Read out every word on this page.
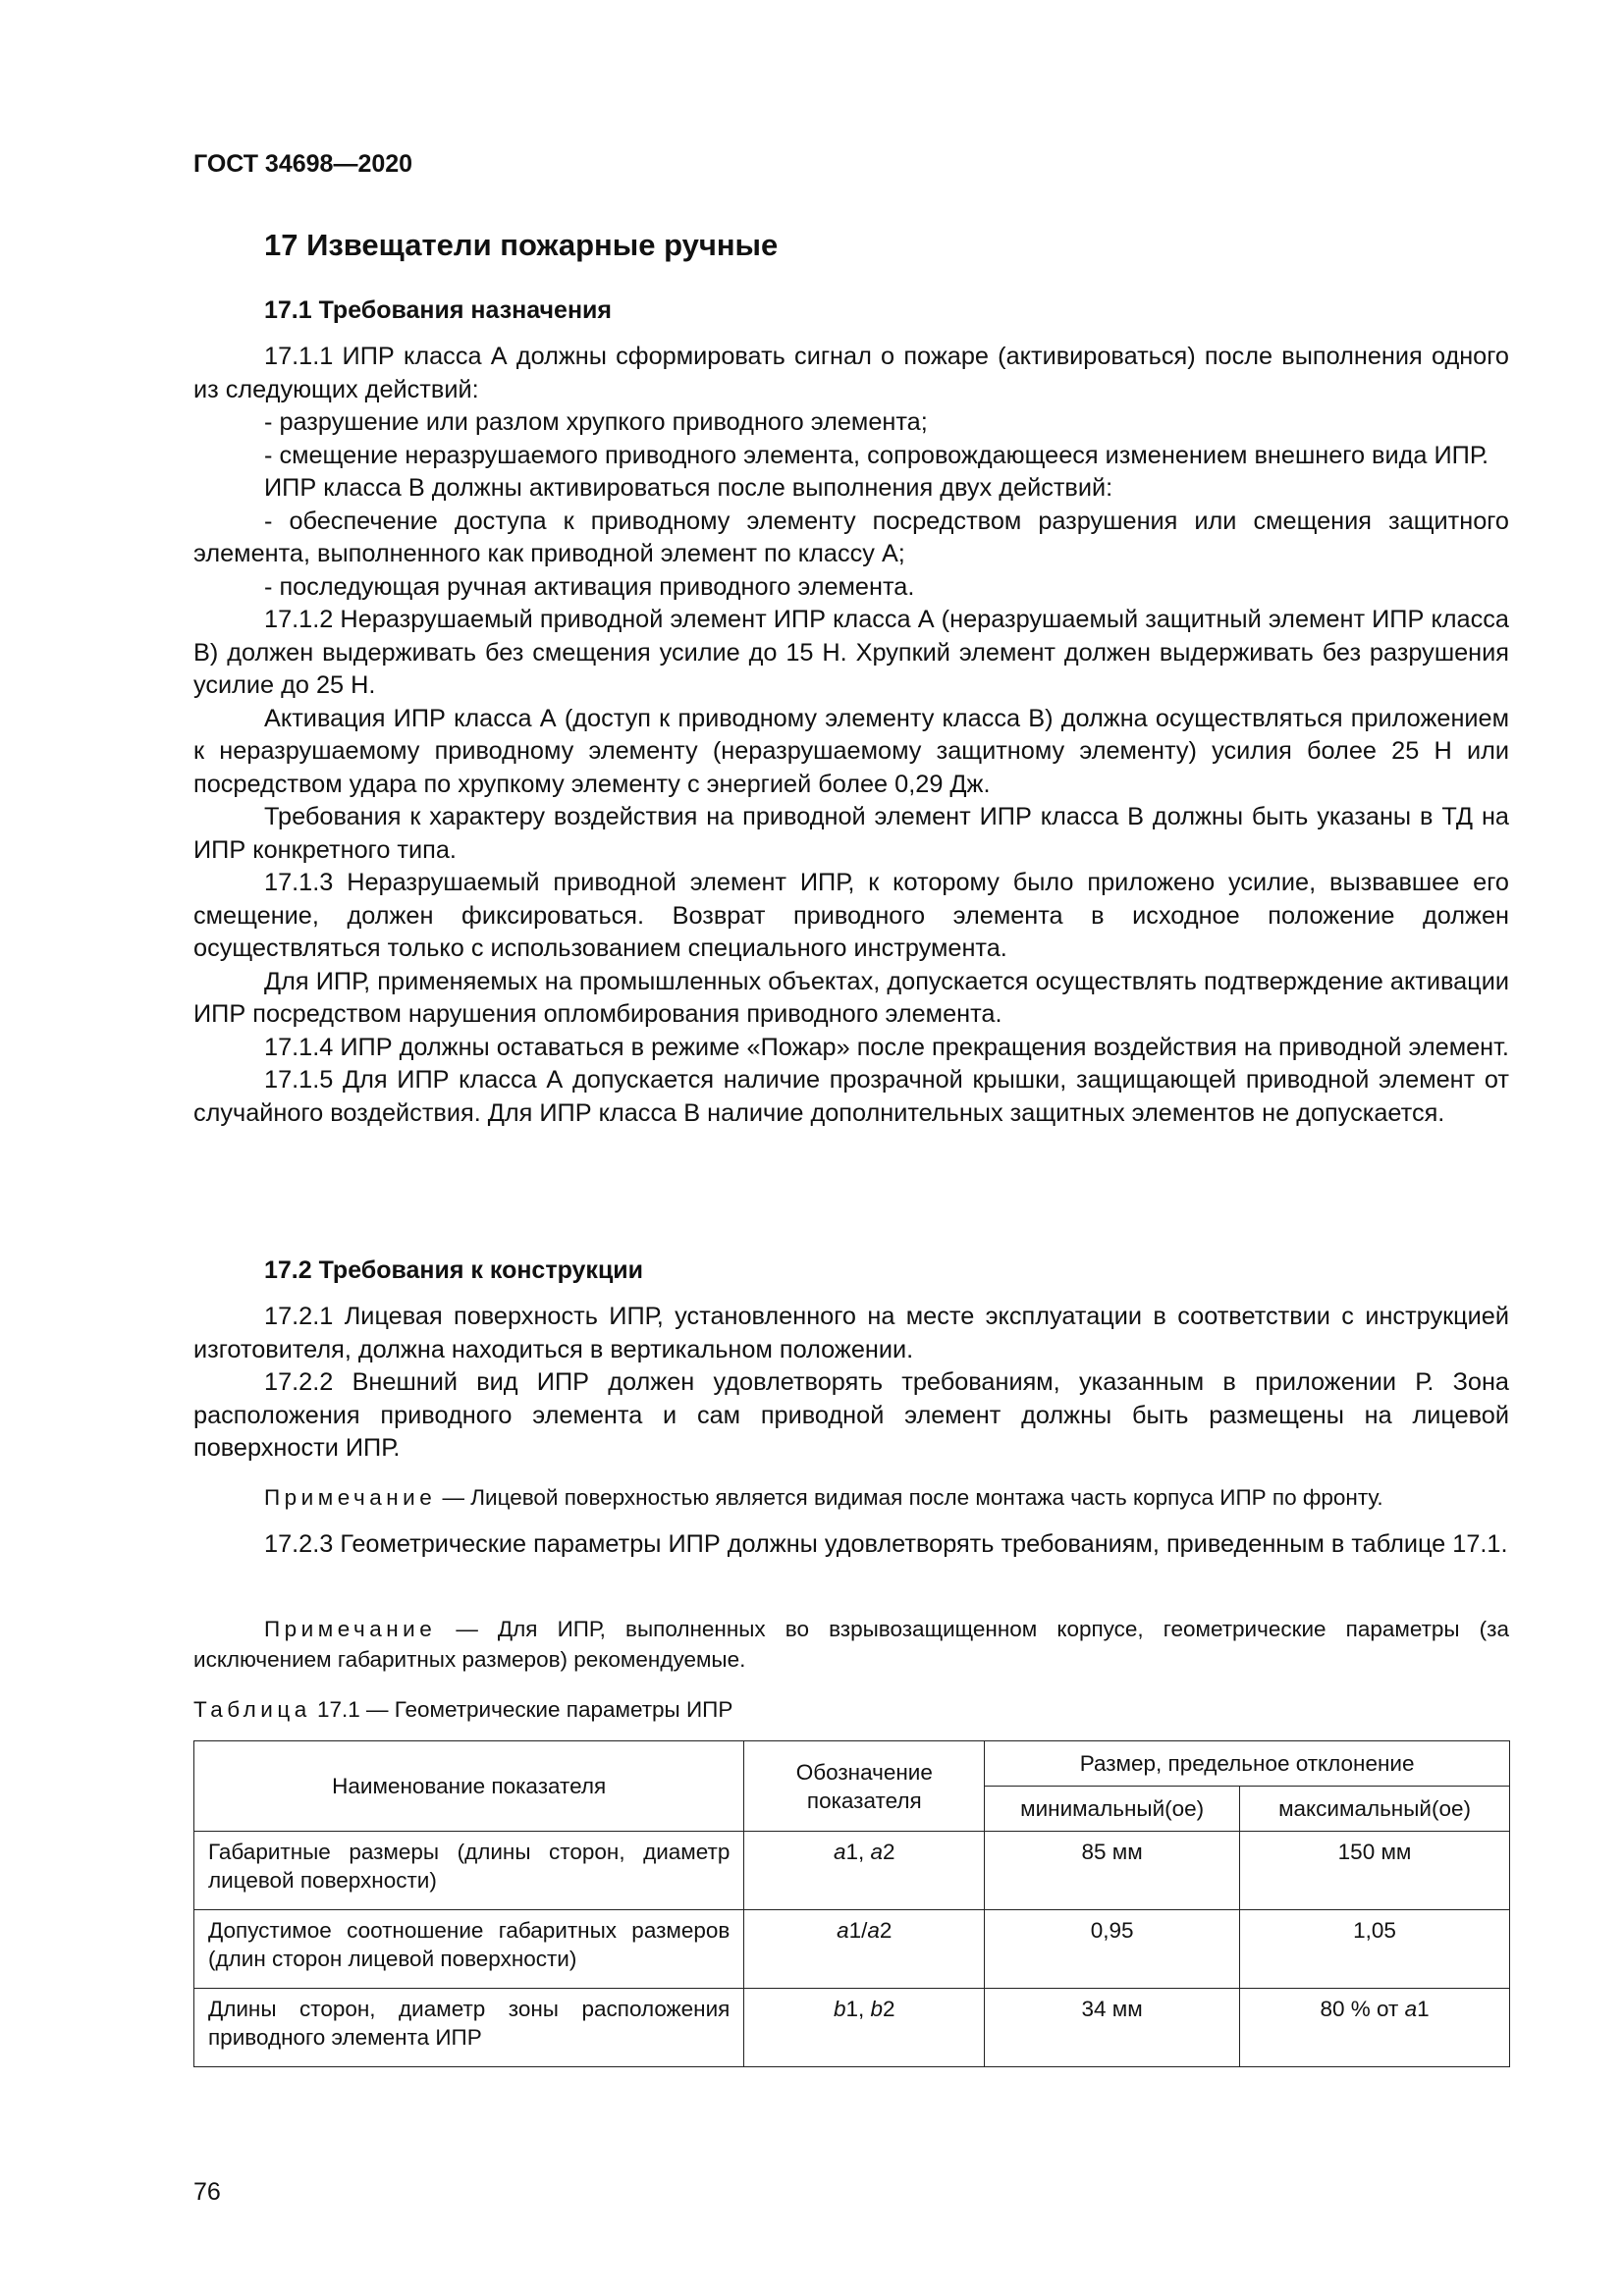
ГОСТ 34698—2020
17 Извещатели пожарные ручные
17.1 Требования назначения

17.1.1 ИПР класса А должны сформировать сигнал о пожаре (активироваться) после выполнения одного из следующих действий:

- разрушение или разлом хрупкого приводного элемента;

- смещение неразрушаемого приводного элемента, сопровождающееся изменением внешнего вида ИПР.

ИПР класса В должны активироваться после выполнения двух действий:

- обеспечение доступа к приводному элементу посредством разрушения или смещения защитного элемента, выполненного как приводной элемент по классу А;

- последующая ручная активация приводного элемента.

17.1.2 Неразрушаемый приводной элемент ИПР класса А (неразрушаемый защитный элемент ИПР класса В) должен выдерживать без смещения усилие до 15 Н. Хрупкий элемент должен выдерживать без разрушения усилие до 25 Н.

Активация ИПР класса А (доступ к приводному элементу класса В) должна осуществляться приложением к неразрушаемому приводному элементу (неразрушаемому защитному элементу) усилия более 25 Н или посредством удара по хрупкому элементу с энергией более 0,29 Дж.

Требования к характеру воздействия на приводной элемент ИПР класса В должны быть указаны в ТД на ИПР конкретного типа.

17.1.3 Неразрушаемый приводной элемент ИПР, к которому было приложено усилие, вызвавшее его смещение, должен фиксироваться. Возврат приводного элемента в исходное положение должен осуществляться только с использованием специального инструмента.

Для ИПР, применяемых на промышленных объектах, допускается осуществлять подтверждение активации ИПР посредством нарушения опломбирования приводного элемента.

17.1.4 ИПР должны оставаться в режиме «Пожар» после прекращения воздействия на приводной элемент.

17.1.5 Для ИПР класса А допускается наличие прозрачной крышки, защищающей приводной элемент от случайного воздействия. Для ИПР класса В наличие дополнительных защитных элементов не допускается.

17.2 Требования к конструкции

17.2.1 Лицевая поверхность ИПР, установленного на месте эксплуатации в соответствии с инструкцией изготовителя, должна находиться в вертикальном положении.

17.2.2 Внешний вид ИПР должен удовлетворять требованиям, указанным в приложении Р. Зона расположения приводного элемента и сам приводной элемент должны быть размещены на лицевой поверхности ИПР.

Примечание — Лицевой поверхностью является видимая после монтажа часть корпуса ИПР по фронту.

17.2.3 Геометрические параметры ИПР должны удовлетворять требованиям, приведенным в таблице 17.1.

Примечание — Для ИПР, выполненных во взрывозащищенном корпусе, геометрические параметры (за исключением габаритных размеров) рекомендуемые.

Таблица 17.1 — Геометрические параметры ИПР
Наименование показателя	Обозначение показателя	Размер, предельное отклонение	
		минимальный(ое)	максимальный(ое)
Габаритные размеры (длины сторон, диаметр лицевой поверхности)	a1, a2	85 мм	150 мм
Допустимое соотношение габаритных размеров (длин сторон лицевой поверхности)	a1/a2	0,95	1,05
Длины сторон, диаметр зоны расположения приводного элемента ИПР	b1, b2	34 мм	80 % от a1
76
